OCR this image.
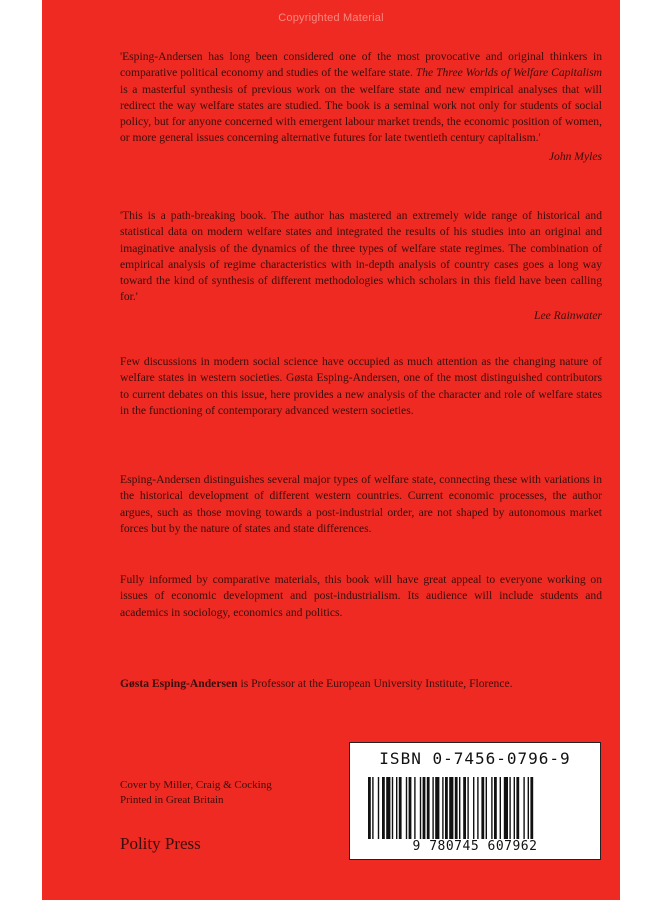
Copyrighted Material

'Esping-Andersen has long been considered one of the most provocative and original thinkers in comparative political economy and studies of the welfare state. The Three Worlds of Welfare Capitalism is a masterful synthesis of previous work on the welfare state and new empirical analyses that will redirect the way welfare states are studied. The book is a seminal work not only for students of social policy, but for anyone concerned with emergent labour market trends, the economic position of women, or more general issues concerning alternative futures for late twentieth century capitalism.'

John Myles

'This is a path-breaking book. The author has mastered an extremely wide range of historical and statistical data on modern welfare states and integrated the results of his studies into an original and imaginative analysis of the dynamics of the three types of welfare state regimes. The combination of empirical analysis of regime characteristics with in-depth analysis of country cases goes a long way toward the kind of synthesis of different methodologies which scholars in this field have been calling for.'

Lee Rainwater

Few discussions in modern social science have occupied as much attention as the changing nature of welfare states in western societies. Gøsta Esping-Andersen, one of the most distinguished contributors to current debates on this issue, here provides a new analysis of the character and role of welfare states in the functioning of contemporary advanced western societies.

Esping-Andersen distinguishes several major types of welfare state, connecting these with variations in the historical development of different western countries. Current economic processes, the author argues, such as those moving towards a post-industrial order, are not shaped by autonomous market forces but by the nature of states and state differences.

Fully informed by comparative materials, this book will have great appeal to everyone working on issues of economic development and post-industrialism. Its audience will include students and academics in sociology, economics and politics.

Gøsta Esping-Andersen is Professor at the European University Institute, Florence.
Cover by Miller, Craig & Cocking
Printed in Great Britain
Polity Press
ISBN 0-7456-0796-9
9 780745 607962
